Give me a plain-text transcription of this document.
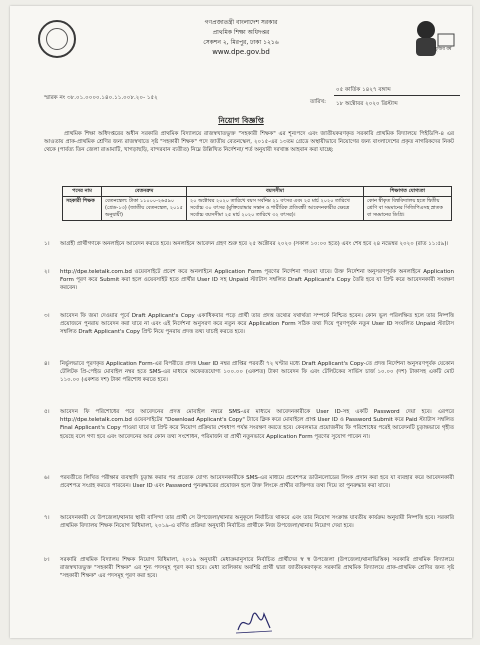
মুজিব বর্ষ
গণপ্রজাতন্ত্রী বাংলাদেশ সরকার
প্রাথমিক শিক্ষা অধিদপ্তর
সেকশন ২, মিরপুর, ঢাকা ১২১৬
www.dpe.gov.bd
স্মারক নং ৩৮.০১.০০০০.১৪০.১১.০০৮.২০- ১৫২
তারিখ:
০৫ কার্তিক ১৪২৭ বঙ্গাব্দ
১৮ অক্টোবর ২০২০ খ্রিস্টাব্দ
নিয়োগ বিজ্ঞপ্তি
প্রাথমিক শিক্ষা অধিদপ্তরের অধীন সরকারি প্রাথমিক বিদ্যালয়ে রাজস্বখাতভুক্ত "সহকারী শিক্ষক" এর শূন্যপদে এবং জাতীয়করণকৃত সরকারি প্রাথমিক বিদ্যালয়ে পিইডিপি-৪ এর আওতায় প্রাক-প্রাথমিক শ্রেণির জন্য রাজস্বখাতে সৃষ্ট "সহকারী শিক্ষক" পদে জাতীয় বেতনস্কেল, ২০১৫-এর ১৩তম গ্রেডে অস্থায়ীভাবে নিয়োগের জন্য বাংলাদেশের প্রকৃত নাগরিকদের নিকট থেকে (পার্বত্য তিন জেলা রাঙামাটি, খাগড়াছড়ি, বান্দরবান ব্যতীত) নিম্নে উল্লিখিত নির্দেশনা/ শর্ত অনুযায়ী দরখাস্ত আহবান করা যাচ্ছে:
পদের নাম	বেতনক্রম	বয়সসীমা	শিক্ষাগত যোগ্যতা
সহকারী শিক্ষক	বেতনস্কেল: টাকা ১১০০০-২৬৫৯০ (গ্রেড-১৩) (জাতীয় বেতনস্কেল, ২০১৫ অনুযায়ী)	২০ অক্টোবর ২০২০ তারিখে বয়স সর্বনিম্ন ২১ বৎসর এবং ২৫ মার্চ ২০২০ তারিখে সর্বোচ্চ ৩০ বৎসর (মুক্তিযোদ্ধার সন্তান ও শারীরিক প্রতিবন্ধী আবেদনকারীর ক্ষেত্রে সর্বোচ্চ বয়সসীমা ২৫ মার্চ ২০২০ তারিখে ৩২ বৎসর)।	কোন স্বীকৃত বিশ্ববিদ্যালয় হতে দ্বিতীয় শ্রেণি বা সমমানের সিজিপিএসহ স্নাতক বা সমমানের ডিগ্রি।
১। আগ্রহী প্রার্থীগণকে অনলাইনে আবেদন করতে হবে। অনলাইনে আবেদন গ্রহণ শুরু হবে ২৫ অক্টোবর ২০২০ (সকাল ১০:০০ হতে) এবং শেষ হবে ২৪ নভেম্বর ২০২০ (রাত ১১:৫৯)।
২। http://dpe.teletalk.com.bd ওয়েবসাইটে প্রবেশ করে অনলাইনে Application Form পূরণের নির্দেশনা পাওয়া যাবে। উক্ত নির্দেশনা অনুসরণপূর্বক অনলাইনে Application Form পূরণ করে Submit করা হলে ওয়েবসাইট হতে প্রার্থীর User ID সহ Unpaid স্ট্যাটাস সম্বলিত Draft Applicant's Copy তৈরি হবে যা প্রিন্ট করে আবেদনকারী সংরক্ষণ করবেন।
৩। আবেদন ফি জমা দেওয়ার পূর্বে Draft Applicant's Copy একাধিকবার পড়ে প্রার্থী তার প্রদত্ত তথ্যের যথার্থতা সম্পর্কে নিশ্চিত হবেন। কোন ভুল পরিলক্ষিত হলে তার নিষ্পত্তি প্রয়োজনে পুনরায় আবেদন করা যাবে না এবং এই নির্দেশনা অনুসরণ করে নতুন করে Application Form সঠিক তথ্য দিয়ে পূরণপূর্বক নতুন User ID সংবলিত Unpaid স্ট্যাটাস সম্বলিত Draft Applicant's Copy প্রিন্ট নিয়ে পুনরায় প্রদত্ত তথ্য যাচাই করতে হবে।
৪। নির্ভুলভাবে পূরণকৃত Application Form-এর বিপরীতে প্রদত্ত User ID নম্বর প্রাপ্তির পরবর্তী ৭২ ঘণ্টার মধ্যে Draft Applicant's Copy-তে প্রদত্ত নির্দেশনা অনুসরণপূর্বক যেকোন টেলিটক প্রি-পেইড মোবাইল নম্বর হতে SMS-এর মাধ্যমে অফেরতযোগ্য ১০০.০০ (একশত) টাকা আবেদন ফি এবং টেলিটকের সার্ভিস চার্জ ১০.০০ (দশ) টাকাসহ একটি মোট ১১০.০০ (একশত দশ) টাকা পরিশোধ করতে হবে।
৫। আবেদন ফি পরিশোধের পরে আবেদনের প্রদত্ত মোবাইল নম্বরে SMS-এর মাধ্যমে আবেদনকারীকে User ID-সহ একটি Password দেয়া হবে। এরপরে http://dpe.teletalk.com.bd ওয়েবসাইটের "Download Applicant's Copy" ট্যাবে ক্লিক করে মোবাইলে প্রাপ্ত User ID ও Password Submit করে Paid স্ট্যাটাস সম্বলিত Final Applicant's Copy পাওয়া যাবে যা প্রিন্ট করে নিয়োগ প্রক্রিয়ার শেষধাপ পর্যন্ত সংরক্ষণ করতে হবে। কেবলমাত্র প্রয়োজনীয় ফি পরিশোধের পরেই আবেদনটি চূড়ান্তভাবে গৃহীত হয়েছে বলে গণ্য হবে এবং আবেদনের আর কোন তথ্য সংশোধন, পরিমার্জন বা প্রার্থী নতুনভাবে Application Form পূরণের সুযোগ পাবেন না।
৬। পরবর্তীতে লিখিত পরীক্ষার ব্যবস্থাদি চূড়ান্ত করার পর প্রত্যেক যোগ্য আবেদনকারীকে SMS-এর মাধ্যমে প্রবেশপত্র ডাউনলোডের লিংক প্রদান করা হবে যা ব্যবহার করে আবেদনকারী প্রবেশপত্র সংগ্রহ করতে পারবেন। User ID এবং Password পুনরুদ্ধারের প্রয়োজন হলে উক্ত লিংকে প্রার্থীর ব্যক্তিগত তথ্য দিয়ে তা পুনরুদ্ধার করা যাবে।
৭। আবেদনকারী যে উপজেলা/থানার স্থায়ী বাসিন্দা তার প্রার্থী সে উপজেলা/থানার অনুকূলে নির্বাচিত থাকবে এবং তার নিয়োগ সংক্রান্ত যাবতীয় কার্যক্রম অনুযায়ী নিষ্পত্তি হবে। সরকারি প্রাথমিক বিদ্যালয় শিক্ষক নিয়োগ বিধিমালা, ২০১৯-এ বর্ণিত প্রক্রিয়া অনুযায়ী নির্বাচিত প্রার্থীকে নিজ উপজেলা/থানায় নিয়োগ দেয়া হবে।
৮। সরকারি প্রাথমিক বিদ্যালয় শিক্ষক নিয়োগ বিধিমালা, ২০১৯ অনুযায়ী মেধাক্রমানুসারে নির্বাচিত প্রার্থীদের স্ব স্ব উপজেলা (উপজেলা/থানাভিত্তিক) সরকারি প্রাথমিক বিদ্যালয়ে রাজস্বখাতভুক্ত "সহকারী শিক্ষক" এর শূন্য পদসমূহ পূরণ করা হবে। মেধা তালিকায় অবশিষ্ট প্রার্থী দ্বারা জাতীয়করণকৃত সরকারি প্রাথমিক বিদ্যালয়ে প্রাক-প্রাথমিক শ্রেণির জন্য সৃষ্ট "সহকারী শিক্ষক" এর পদসমূহ পূরণ করা হবে।
